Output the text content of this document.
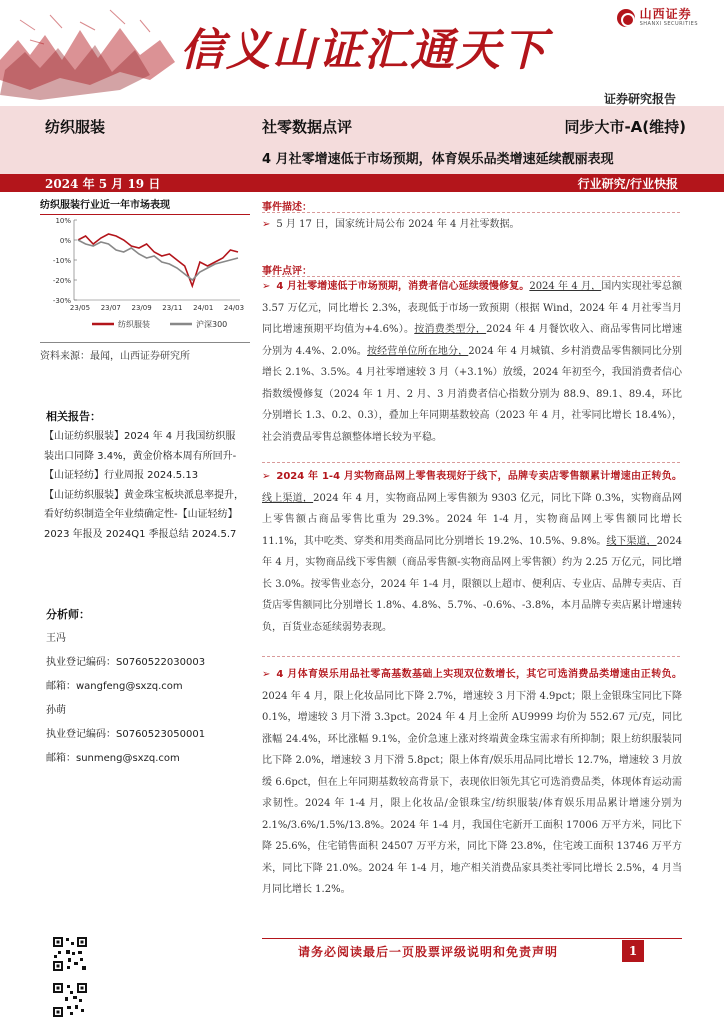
信义山证汇通天下
山西证券
SHANXI SECURITIES
证券研究报告
纺织服装	社零数据点评	同步大市-A(维持)
4 月社零增速低于市场预期，体育娱乐品类增速延续靓丽表现
2024 年 5 月 19 日	行业研究/行业快报
纺织服装行业近一年市场表现
10%
0%
-10%
-20%
-30%
23/05 23/07 23/09 23/11 24/01 24/03
纺织服装	沪深300
资料来源：最闻，山西证券研究所
相关报告：

【山证纺织服装】2024 年 4 月我国纺织服装出口同降 3.4%，黄金价格本周有所回升-【山证轻纺】行业周报 2024.5.13

【山证纺织服装】黄金珠宝板块派息率提升，看好纺织制造全年业绩确定性-【山证轻纺】2023 年报及 2024Q1 季报总结 2024.5.7

分析师：
王冯
执业登记编码：S0760522030003
邮箱：wangfeng@sxzq.com
孙萌
执业登记编码：S0760523050001
邮箱：sunmeng@sxzq.com
事件描述：
➢ 5 月 17 日，国家统计局公布 2024 年 4 月社零数据。
事件点评：
➢ 4 月社零增速低于市场预期，消费者信心延续缓慢修复。2024 年 4 月，国内实现社零总额 3.57 万亿元，同比增长 2.3%，表现低于市场一致预期（根据 Wind，2024 年 4 月社零当月同比增速预期平均值为+4.6%）。按消费类型分，2024 年 4 月餐饮收入、商品零售同比增速分别为 4.4%、2.0%。按经营单位所在地分，2024 年 4 月城镇、乡村消费品零售额同比分别增长 2.1%、3.5%。4 月社零增速较 3 月（+3.1%）放缓，2024 年初至今，我国消费者信心指数缓慢修复（2024 年 1 月、2 月、3 月消费者信心指数分别为 88.9、89.1、89.4，环比分别增长 1.3、0.2、0.3），叠加上年同期基数较高（2023 年 4 月，社零同比增长 18.4%），社会消费品零售总额整体增长较为平稳。
➢ 2024 年 1-4 月实物商品网上零售表现好于线下，品牌专卖店零售额累计增速由正转负。线上渠道，2024 年 4 月，实物商品网上零售额为 9303 亿元，同比下降 0.3%，实物商品网上零售额占商品零售比重为 29.3%。2024 年 1-4 月，实物商品网上零售额同比增长 11.1%，其中吃类、穿类和用类商品同比分别增长 19.2%、10.5%、9.8%。线下渠道，2024 年 4 月，实物商品线下零售额（商品零售额-实物商品网上零售额）约为 2.25 万亿元，同比增长 3.0%。按零售业态分，2024 年 1-4 月，限额以上超市、便利店、专业店、品牌专卖店、百货店零售额同比分别增长 1.8%、4.8%、5.7%、-0.6%、-3.8%，本月品牌专卖店累计增速转负，百货业态延续弱势表现。
➢ 4 月体育娱乐用品社零高基数基础上实现双位数增长，其它可选消费品类增速由正转负。2024 年 4 月，限上化妆品同比下降 2.7%，增速较 3 月下滑 4.9pct；限上金银珠宝同比下降 0.1%，增速较 3 月下滑 3.3pct。2024 年 4 月上金所 AU9999 均价为 552.67 元/克，同比涨幅 24.4%，环比涨幅 9.1%，金价急速上涨对终端黄金珠宝需求有所抑制；限上纺织服装同比下降 2.0%，增速较 3 月下滑 5.8pct；限上体育/娱乐用品同比增长 12.7%，增速较 3 月放缓 6.6pct，但在上年同期基数较高背景下，表现依旧领先其它可选消费品类，体现体育运动需求韧性。2024 年 1-4 月，限上化妆品/金银珠宝/纺织服装/体育娱乐用品累计增速分别为 2.1%/3.6%/1.5%/13.8%。2024 年 1-4 月，我国住宅新开工面积 17006 万平方米，同比下降 25.6%，住宅销售面积 24507 万平方米，同比下降 23.8%，住宅竣工面积 13746 万平方米，同比下降 21.0%。2024 年 1-4 月，地产相关消费品家具类社零同比增长 2.5%，4 月当月同比增长 1.2%。
请务必阅读最后一页股票评级说明和免责声明	1
